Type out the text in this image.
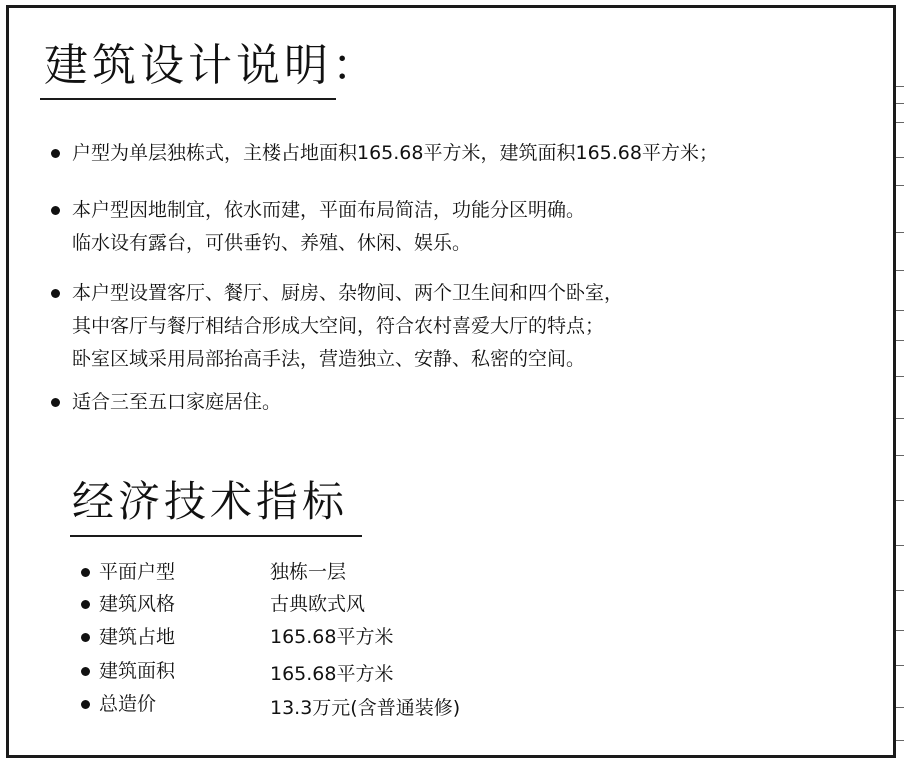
建筑设计说明：
户型为单层独栋式，主楼占地面积165.68平方米，建筑面积165.68平方米；
本户型因地制宜，依水而建，平面布局简洁，功能分区明确。
临水设有露台，可供垂钓、养殖、休闲、娱乐。
本户型设置客厅、餐厅、厨房、杂物间、两个卫生间和四个卧室，
其中客厅与餐厅相结合形成大空间，符合农村喜爱大厅的特点；
卧室区域采用局部抬高手法，营造独立、安静、私密的空间。
适合三至五口家庭居住。
经济技术指标
平面户型	独栋一层
建筑风格	古典欧式风
建筑占地	165.68平方米
建筑面积	165.68平方米
总造价	13.3万元(含普通装修)
